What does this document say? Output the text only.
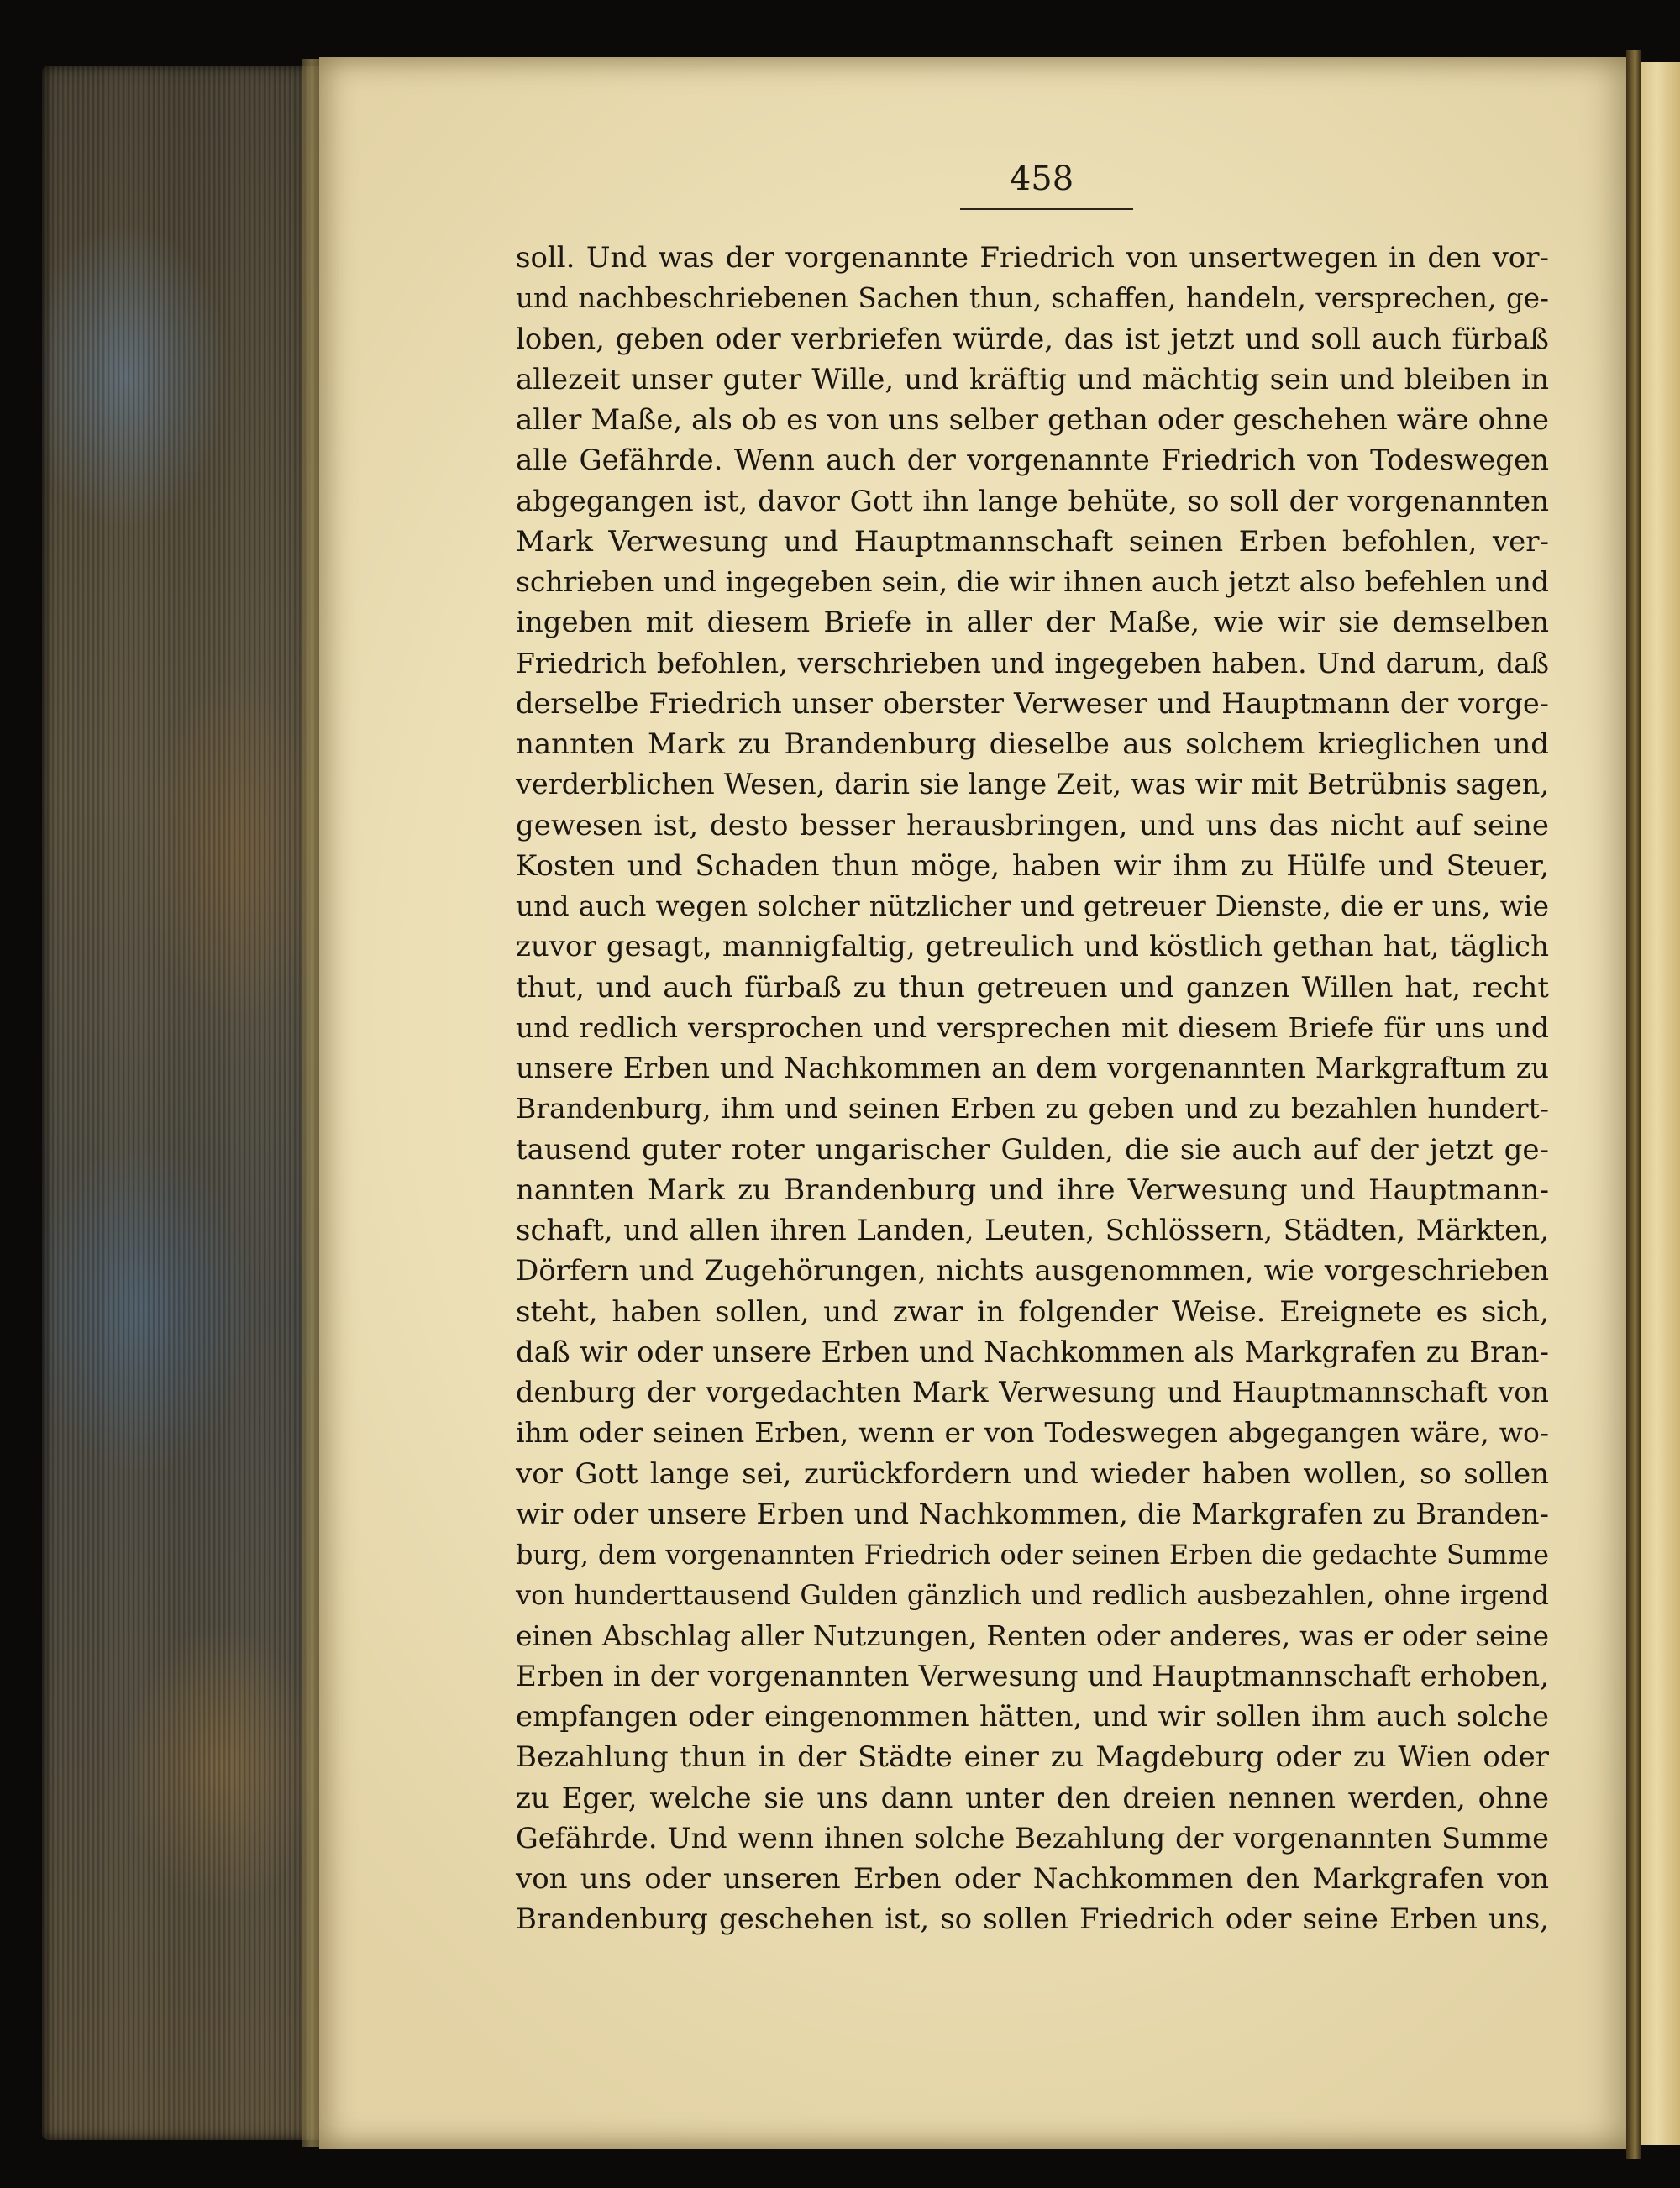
458
soll. Und was der vorgenannte Friedrich von unsertwegen in den vor-
und nachbeschriebenen Sachen thun, schaffen, handeln, versprechen, ge-
loben, geben oder verbriefen würde, das ist jetzt und soll auch fürbaß
allezeit unser guter Wille, und kräftig und mächtig sein und bleiben in
aller Maße, als ob es von uns selber gethan oder geschehen wäre ohne
alle Gefährde. Wenn auch der vorgenannte Friedrich von Todeswegen
abgegangen ist, davor Gott ihn lange behüte, so soll der vorgenannten
Mark Verwesung und Hauptmannschaft seinen Erben befohlen, ver-
schrieben und ingegeben sein, die wir ihnen auch jetzt also befehlen und
ingeben mit diesem Briefe in aller der Maße, wie wir sie demselben
Friedrich befohlen, verschrieben und ingegeben haben. Und darum, daß
derselbe Friedrich unser oberster Verweser und Hauptmann der vorge-
nannten Mark zu Brandenburg dieselbe aus solchem krieglichen und
verderblichen Wesen, darin sie lange Zeit, was wir mit Betrübnis sagen,
gewesen ist, desto besser herausbringen, und uns das nicht auf seine
Kosten und Schaden thun möge, haben wir ihm zu Hülfe und Steuer,
und auch wegen solcher nützlicher und getreuer Dienste, die er uns, wie
zuvor gesagt, mannigfaltig, getreulich und köstlich gethan hat, täglich
thut, und auch fürbaß zu thun getreuen und ganzen Willen hat, recht
und redlich versprochen und versprechen mit diesem Briefe für uns und
unsere Erben und Nachkommen an dem vorgenannten Markgraftum zu
Brandenburg, ihm und seinen Erben zu geben und zu bezahlen hundert-
tausend guter roter ungarischer Gulden, die sie auch auf der jetzt ge-
nannten Mark zu Brandenburg und ihre Verwesung und Hauptmann-
schaft, und allen ihren Landen, Leuten, Schlössern, Städten, Märkten,
Dörfern und Zugehörungen, nichts ausgenommen, wie vorgeschrieben
steht, haben sollen, und zwar in folgender Weise. Ereignete es sich,
daß wir oder unsere Erben und Nachkommen als Markgrafen zu Bran-
denburg der vorgedachten Mark Verwesung und Hauptmannschaft von
ihm oder seinen Erben, wenn er von Todeswegen abgegangen wäre, wo-
vor Gott lange sei, zurückfordern und wieder haben wollen, so sollen
wir oder unsere Erben und Nachkommen, die Markgrafen zu Branden-
burg, dem vorgenannten Friedrich oder seinen Erben die gedachte Summe
von hunderttausend Gulden gänzlich und redlich ausbezahlen, ohne irgend
einen Abschlag aller Nutzungen, Renten oder anderes, was er oder seine
Erben in der vorgenannten Verwesung und Hauptmannschaft erhoben,
empfangen oder eingenommen hätten, und wir sollen ihm auch solche
Bezahlung thun in der Städte einer zu Magdeburg oder zu Wien oder
zu Eger, welche sie uns dann unter den dreien nennen werden, ohne
Gefährde. Und wenn ihnen solche Bezahlung der vorgenannten Summe
von uns oder unseren Erben oder Nachkommen den Markgrafen von
Brandenburg geschehen ist, so sollen Friedrich oder seine Erben uns,
